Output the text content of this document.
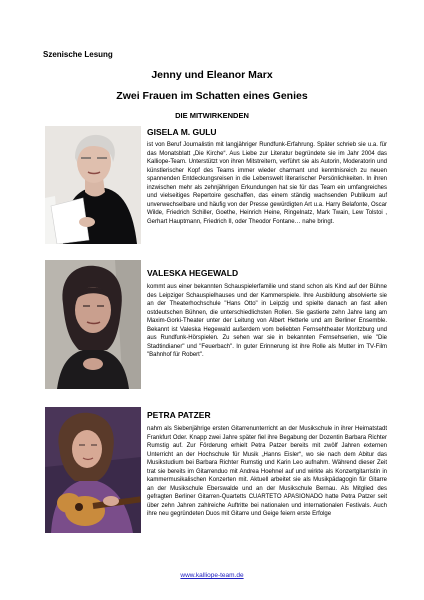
Szenische Lesung
Jenny und Eleanor Marx
Zwei Frauen im Schatten eines Genies
DIE MITWIRKENDEN
GISELA M. GULU

ist von Beruf Journalistin mit langjähriger Rundfunk-Erfahrung. Später schrieb sie u.a. für das Monatsblatt „Die Kirche“. Aus Liebe zur Literatur begründete sie im Jahr 2004 das Kalliope-Team. Unterstützt von ihren Mitstreitern, verführt sie als Autorin, Moderatorin und künstlerischer Kopf des Teams immer wieder charmant und kenntnisreich zu neuen spannenden Entdeckungsreisen in die Lebenswelt literarischer Persönlichkeiten. In ihren inzwischen mehr als zehnjährigen Erkundungen hat sie für das Team ein umfangreiches und vielseitiges Repertoire geschaffen, das einem ständig wachsenden Publikum auf unverwechselbare und häufig von der Presse gewürdigten Art u.a. Harry Belafonte, Oscar Wilde, Friedrich Schiller, Goethe, Heinrich Heine, Ringelnatz, Mark Twain, Lew Tolstoi , Gerhart Hauptmann, Friedrich II, oder Theodor Fontane… nahe bringt.

VALESKA HEGEWALD

kommt aus einer bekannten Schauspielerfamilie und stand schon als Kind auf der Bühne des Leipziger Schauspielhauses und der Kammerspiele. Ihre Ausbildung absolvierte sie an der Theaterhochschule "Hans Otto" in Leipzig und spielte danach an fast allen ostdeutschen Bühnen, die unterschiedlichsten Rollen. Sie gastierte zehn Jahre lang am Maxim-Gorki-Theater unter der Leitung von Albert Hetterle und am Berliner Ensemble. Bekannt ist Valeska Hegewald außerdem vom beliebten Fernsehtheater Moritzburg und aus Rundfunk-Hörspielen. Zu sehen war sie in bekannten Fernsehserien, wie "Die Stadtindianer" und "Feuerbach". In guter Erinnerung ist ihre Rolle als Mutter im TV-Film "Bahnhof für Robert".

PETRA PATZER

nahm als Siebenjährige ersten Gitarrenunterricht an der Musikschule in ihrer Heimatstadt Frankfurt Oder. Knapp zwei Jahre später fiel ihre Begabung der Dozentin Barbara Richter Rumstig auf. Zur Förderung erhielt Petra Patzer bereits mit zwölf Jahren externen Unterricht an der Hochschule für Musik „Hanns Eisler“, wo sie nach dem Abitur das Musikstudium bei Barbara Richter Rumstig und Karin Leo aufnahm. Während dieser Zeit trat sie bereits im Gitarrenduo mit Andrea Hoehnel auf und wirkte als Konzertgitarristin in kammermusikalischen Konzerten mit. Aktuell arbeitet sie als Musikpädagogin für Gitarre an der Musikschule Eberswalde und an der Musikschule Bernau. Als Mitglied des gefragten Berliner Gitarren-Quartetts CUARTETO APASIONADO hatte Petra Patzer seit über zehn Jahren zahlreiche Auftritte bei nationalen und internationalen Festivals. Auch ihre neu gegründeten Duos mit Gitarre und Geige feiern erste Erfolge

www.kalliope-team.de
